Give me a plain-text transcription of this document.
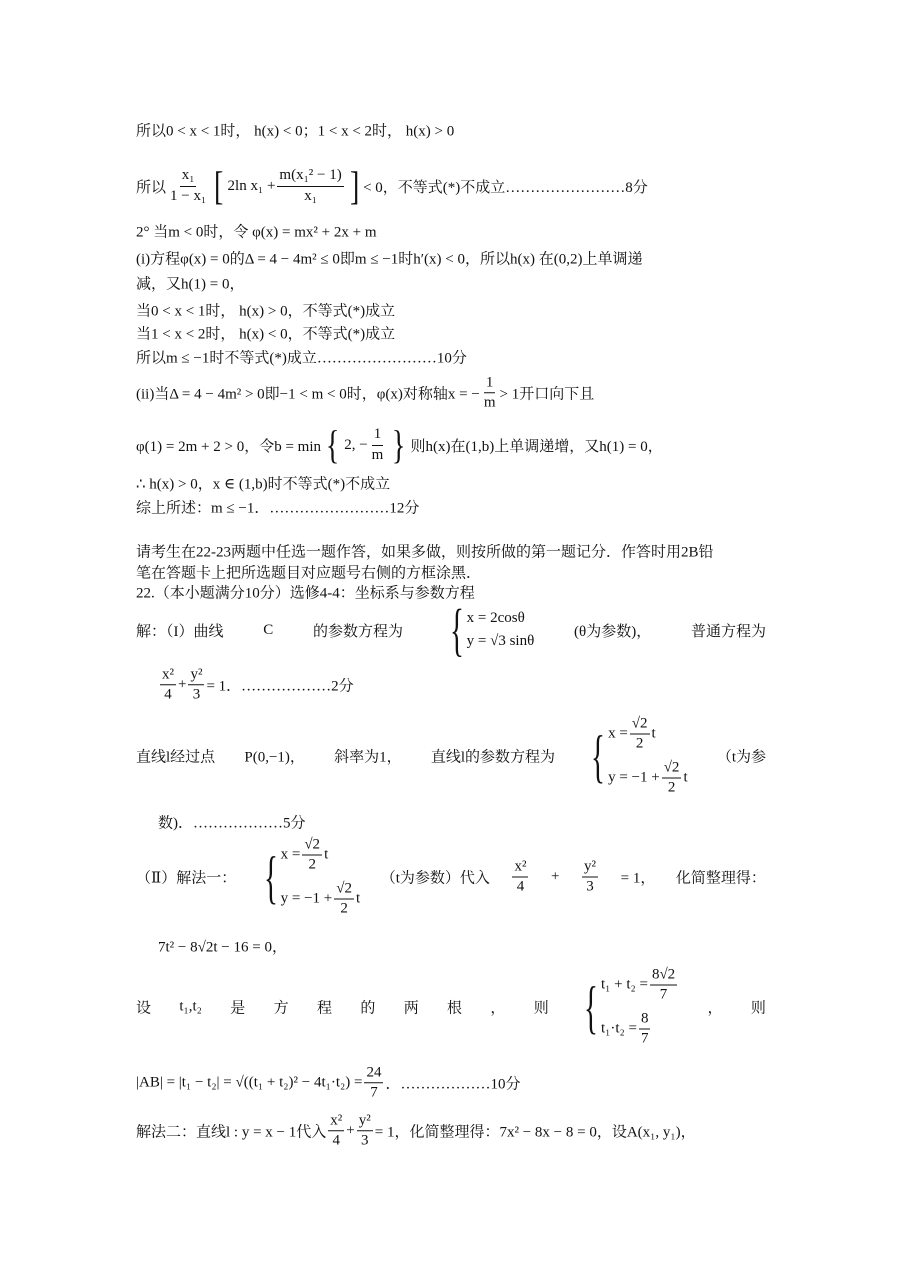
所以0 < x < 1时， h(x) < 0；1 < x < 2时， h(x) > 0
所以 $\frac{\text{x₁}}{\text{1 − x₁}}$ [ 2ln $x_1 + \frac{\text{m(x₁² − 1)}}{\text{x₁}}$ ] < 0，不等式(*)不成立……………………8分
2° 当m < 0时，令 φ(x) = mx² + 2x + m
(i)方程φ(x) = 0的Δ = 4 − 4m² ≤ 0即m ≤ −1时h′(x) < 0，所以h(x) 在(0,2)上单调递
减，又h(1) = 0，
当0 < x < 1时， h(x) > 0，不等式(*)成立
当1 < x < 2时， h(x) < 0，不等式(*)成立
所以m ≤ −1时不等式(*)成立……………………10分
(ii)当Δ = 4 − 4m² > 0即−1 < m < 0时，φ(x)对称轴x = − $\frac{1}{m} > 1$开口向下且
φ(1) = 2m + 2 > 0，令b = min { 2, − $\frac{1}{m}$ } 则h(x)在(1,b)上单调递增，又h(1) = 0，
∴ h(x) > 0，x ∈ (1,b)时不等式(*)不成立
综上所述：m ≤ −1．……………………12分
请考生在22-23两题中任选一题作答，如果多做，则按所做的第一题记分．作答时用2B铅
笔在答题卡上把所选题目对应题号右侧的方框涂黑．
22.（本小题满分10分）选修4-4：坐标系与参数方程
解：（I）曲线	C	的参数方程为 { x = 2cosθ
y = √3 sinθ
(θ为参数)，	普通方程为
$\frac{\text{x²}}{4} + \frac{\text{y²}}{3} = 1$．………………2分
直线l经过点 P(0,−1)， 斜率为1， 直线l的参数方程为 { $x = \frac{√2}{2}$ t
$y = -1 + \frac{√2}{2}$ t
（t为参
数)．………………5分
（Ⅱ）解法一： { $x = \frac{√2}{2}$ t
$y = -1 + \frac{√2}{2}$ t
（t为参数）代入 $\frac{\text{x²}}{4} + \frac{\text{y²}}{3} = 1$， 化简整理得：
7t² − 8√2t − 16 = 0，
设 t₁,t₂ 是 方 程 的 两 根 ， 则 { $t_1 + t_2 = \frac{8√2}{7}$
$t_1\cdot t_2 = \frac{8}{7}$
， 则
$|AB| = |t_1 - t_2| = √((t_1 + t_2)^2 - 4t_1\cdot t_2) = \frac{24}{7}$ ．………………10分
解法二：直线l : y = x − 1代入 $\frac{\text{x²}}{4} + \frac{\text{y²}}{3} = 1$，化简整理得：7x² − 8x − 8 = 0，设A(x₁, y₁)，
